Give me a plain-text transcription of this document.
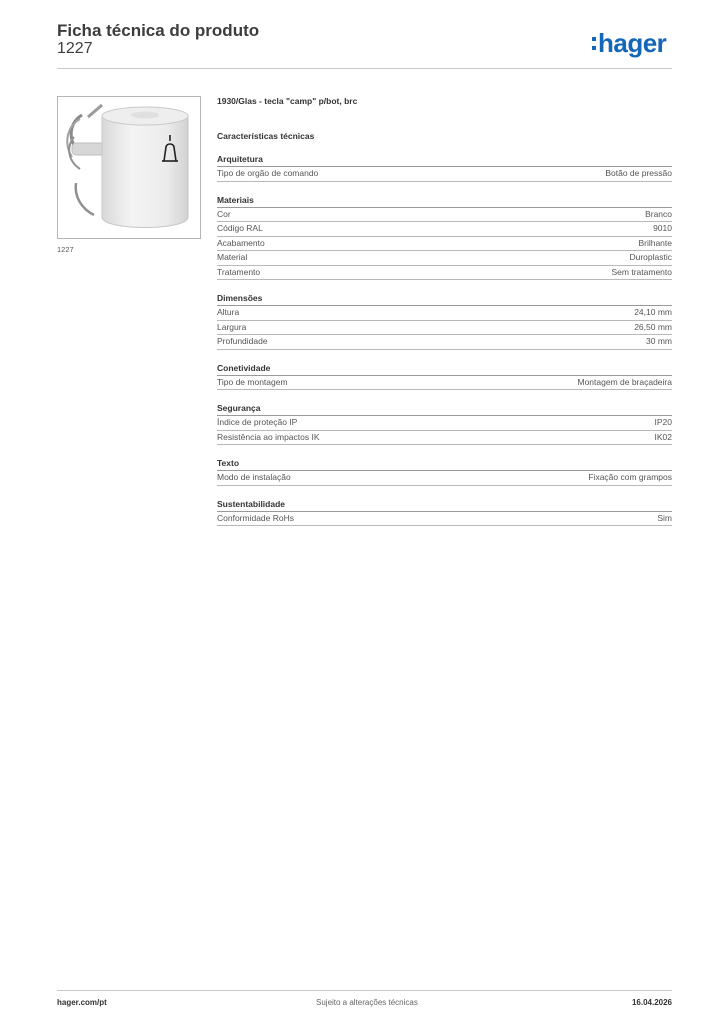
Ficha técnica do produto
1227	hager
1227
1930/Glas - tecla "camp" p/bot, brc
Características técnicas
Arquitetura
Tipo de orgão de comando	Botão de pressão
Materiais
Cor	Branco
Código RAL	9010
Acabamento	Brilhante
Material	Duroplastic
Tratamento	Sem tratamento
Dimensões
Altura	24,10 mm
Largura	26,50 mm
Profundidade	30 mm
Conetividade
Tipo de montagem	Montagem de braçadeira
Segurança
Índice de proteção IP	IP20
Resistência ao impactos IK	IK02
Texto
Modo de instalação	Fixação com grampos
Sustentabilidade
Conformidade RoHs	Sim
hager.com/pt	Sujeito a alterações técnicas	16.04.2026
